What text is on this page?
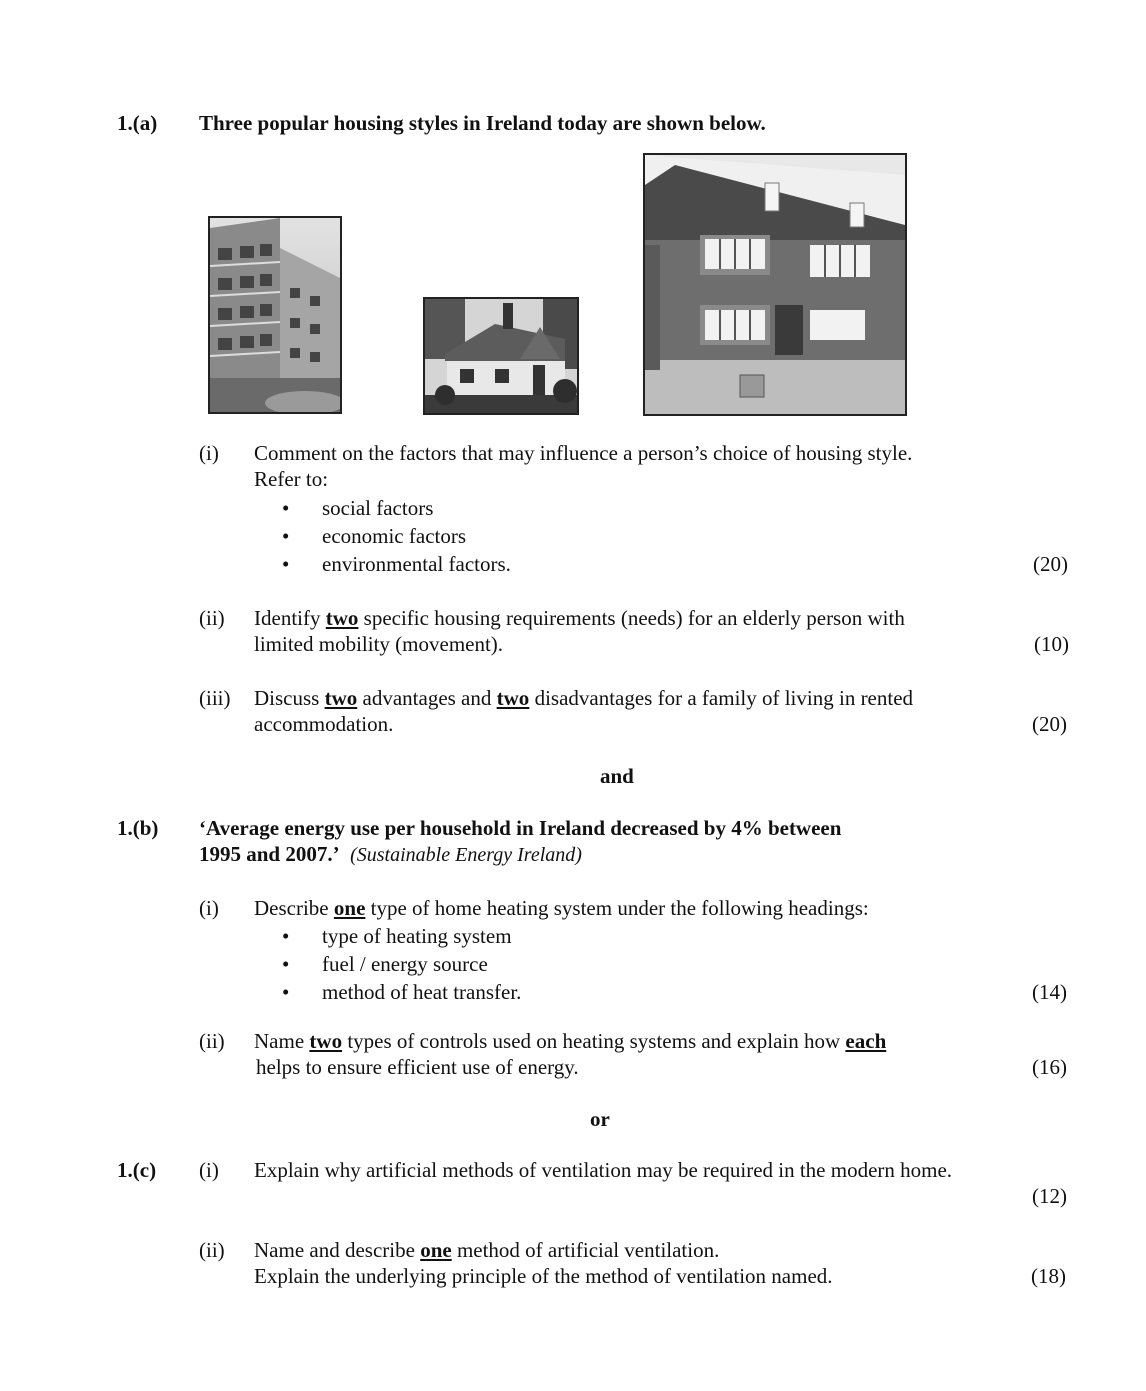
1.(a) Three popular housing styles in Ireland today are shown below.
(i) Comment on the factors that may influence a person’s choice of housing style.
Refer to:
• social factors
• economic factors
• environmental factors.	(20)
(ii) Identify two specific housing requirements (needs) for an elderly person with
limited mobility (movement).	(10)
(iii) Discuss two advantages and two disadvantages for a family of living in rented
accommodation.	(20)
and
1.(b) ‘Average energy use per household in Ireland decreased by 4% between
1995 and 2007.’ (Sustainable Energy Ireland)
(i) Describe one type of home heating system under the following headings:
• type of heating system
• fuel / energy source
• method of heat transfer.	(14)
(ii) Name two types of controls used on heating systems and explain how each
helps to ensure efficient use of energy.	(16)
or
1.(c) (i) Explain why artificial methods of ventilation may be required in the modern home.
(12)
(ii) Name and describe one method of artificial ventilation.
Explain the underlying principle of the method of ventilation named.	(18)
